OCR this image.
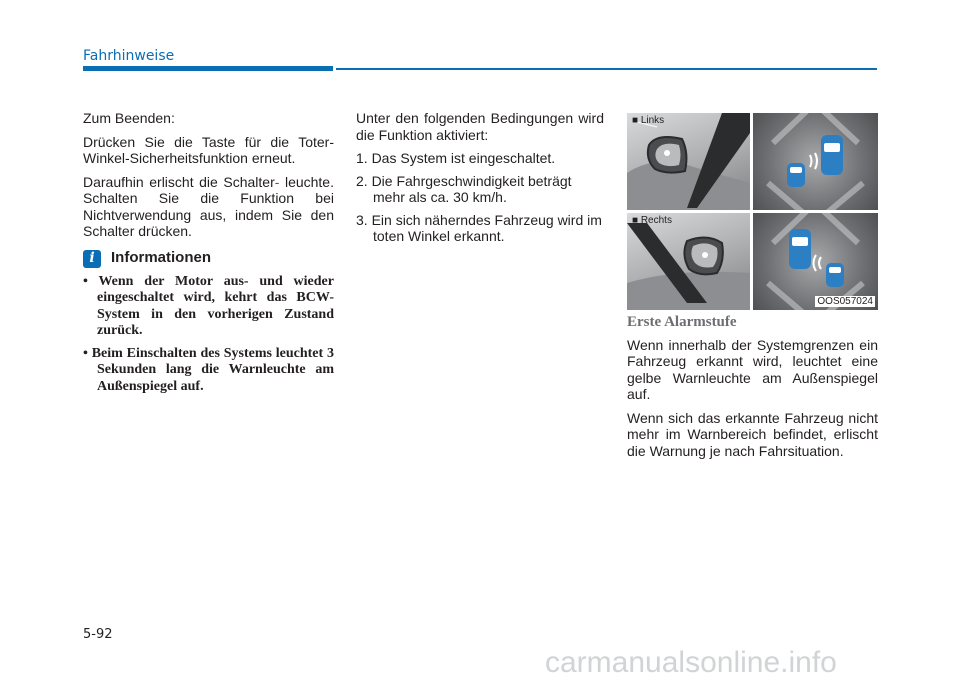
Fahrhinweise

Zum Beenden:

Drücken Sie die Taste für die Toter-Winkel-Sicherheitsfunktion erneut.

Daraufhin erlischt die Schalter- leuchte. Schalten Sie die Funktion bei Nichtverwendung aus, indem Sie den Schalter drücken.

i	Informationen
• Wenn der Motor aus- und wieder eingeschaltet wird, kehrt das BCW-System in den vorherigen Zustand zurück.
• Beim Einschalten des Systems leuchtet 3 Sekunden lang die Warnleuchte am Außenspiegel auf.

Unter den folgenden Bedingungen wird die Funktion aktiviert:

1. Das System ist eingeschaltet.
2. Die Fahrgeschwindigkeit beträgt mehr als ca. 30 km/h.
3. Ein sich näherndes Fahrzeug wird im toten Winkel erkannt.
■ Links
■ Rechts
OOS057024
Erste Alarmstufe

Wenn innerhalb der Systemgrenzen ein Fahrzeug erkannt wird, leuchtet eine gelbe Warnleuchte am Außenspiegel auf.

Wenn sich das erkannte Fahrzeug nicht mehr im Warnbereich befindet, erlischt die Warnung je nach Fahrsituation.

5-92
carmanualsonline.info
